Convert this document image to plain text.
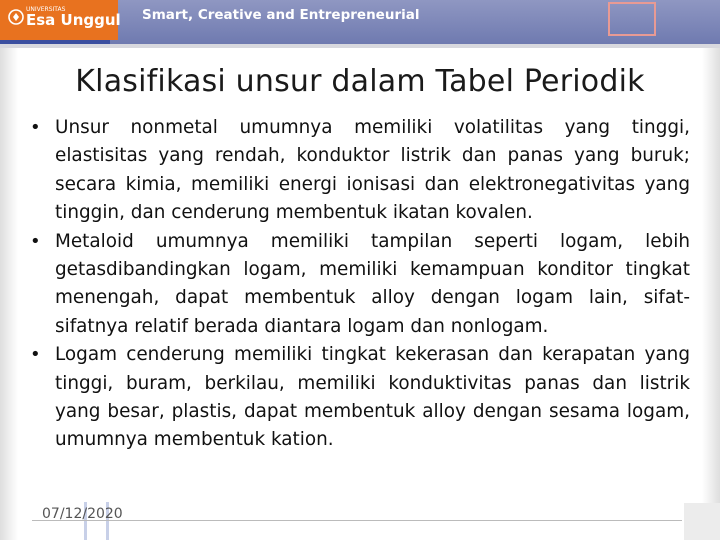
Smart, Creative and Entrepreneurial
UNIVERSITAS
Esa Unggul
Klasifikasi unsur dalam Tabel Periodik

• Unsur nonmetal umumnya memiliki volatilitas yang tinggi, elastisitas yang rendah, konduktor listrik dan panas yang buruk; secara kimia, memiliki energi ionisasi dan elektronegativitas yang tinggin, dan cenderung membentuk ikatan kovalen.

• Metaloid umumnya memiliki tampilan seperti logam, lebih getasdibandingkan logam, memiliki kemampuan konditor tingkat menengah, dapat membentuk alloy dengan logam lain, sifat-sifatnya relatif berada diantara logam dan nonlogam.

• Logam cenderung memiliki tingkat kekerasan dan kerapatan yang tinggi, buram, berkilau, memiliki konduktivitas panas dan listrik yang besar, plastis, dapat membentuk alloy dengan sesama logam, umumnya membentuk kation.

07/12/2020
